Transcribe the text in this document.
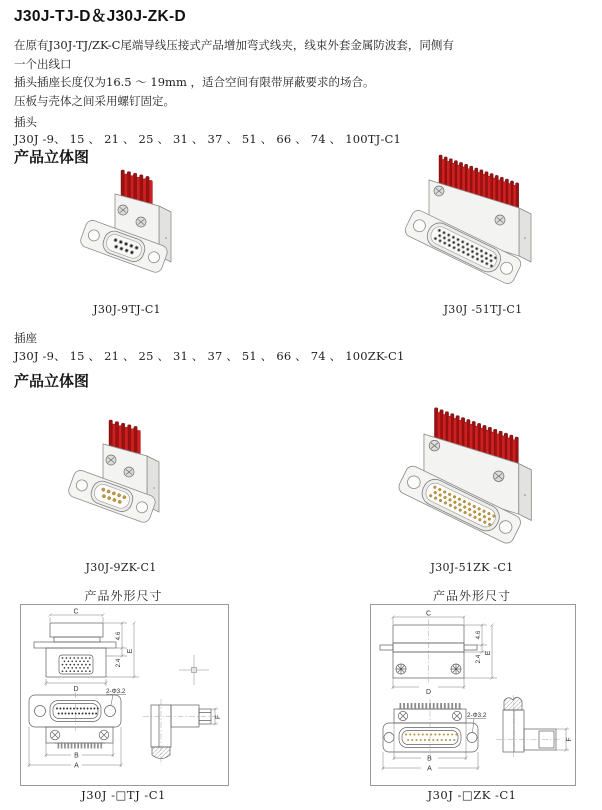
J30J-TJ-D＆J30J-ZK-D
在原有J30J-TJ/ZK-C尾端导线压接式产品增加弯式线夹，线束外套金属防波套，同侧有
一个出线口
插头插座长度仅为16.5 ～ 19mm ，适合空间有限带屏蔽要求的场合。
压板与壳体之间采用螺钉固定。
插头
J30J -9、 15 、 21 、 25 、 31 、 37 、 51 、 66 、 74 、 100TJ-C1
产品立体图
J30J-9TJ-C1	J30J -51TJ-C1
插座
J30J -9、 15 、 21 、 25 、 31 、 37 、 51 、 66 、 74 、 100ZK-C1
产品立体图
J30J-9ZK-C1	J30J-51ZK -C1
产品外形尺寸	产品外形尺寸
C
D
4.6
2.4
E
B
A
F
2-Φ3.2
C
D
4.6
2.4
E
B
A
F
2-Φ3.2
J30J -□TJ -C1	J30J -□ZK -C1
